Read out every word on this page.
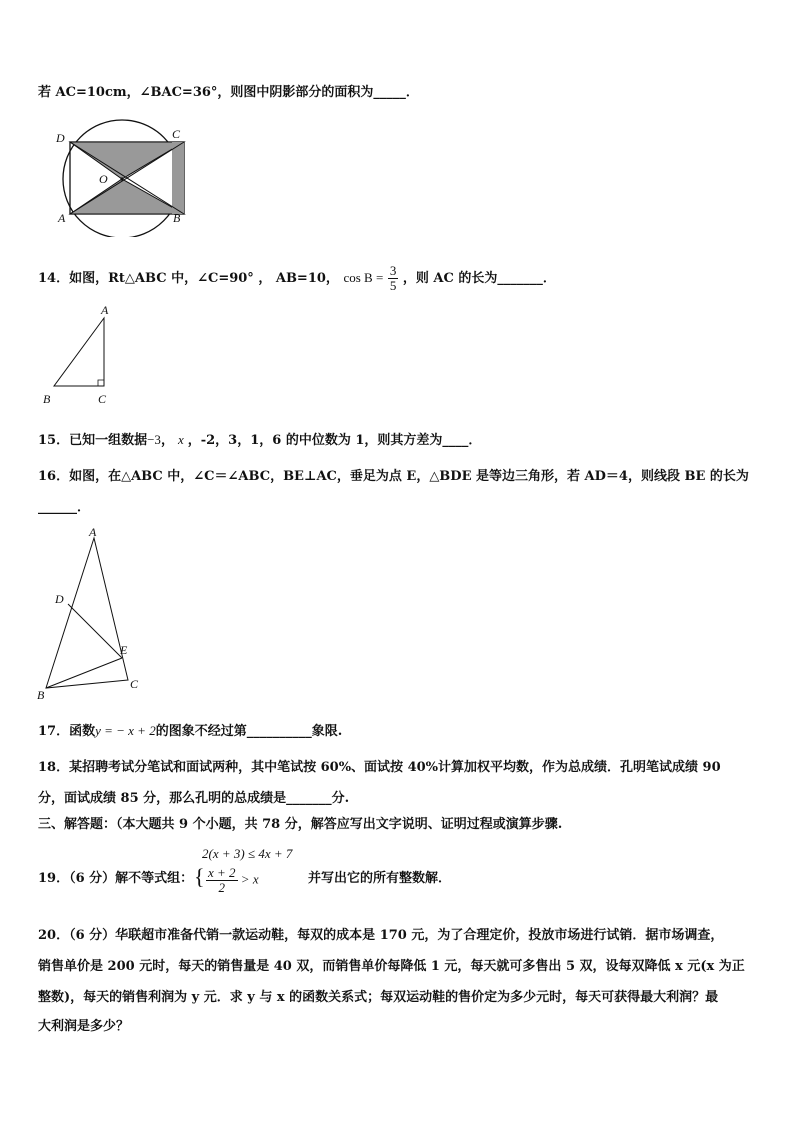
若 AC=10cm，∠BAC=36°，则图中阴影部分的面积为_____．
D	C
O
A	B
14．如图，Rt△ABC 中，∠C=90° ， AB=10， $\cos B = \frac{3}{5}$ ，则 AC 的长为_______．
A
B	C
15．已知一组数据−3， x ，-2，3，1，6 的中位数为 1，则其方差为____．
16．如图，在△ABC 中，∠C＝∠ABC，BE⊥AC，垂足为点 E，△BDE 是等边三角形，若 AD＝4，则线段 BE 的长为
______．
A
D
E
B
C
17．函数y = − x + 2的图象不经过第__________象限.
18．某招聘考试分笔试和面试两种，其中笔试按 60%、面试按 40%计算加权平均数，作为总成绩．孔明笔试成绩 90
分，面试成绩 85 分，那么孔明的总成绩是_______分.
三、解答题：（本大题共 9 个小题，共 78 分，解答应写出文字说明、证明过程或演算步骤.
2(x + 3) ≤ 4x + 7
{ $\frac{x + 2}{2} > x$
19．（6 分）解不等式组：	并写出它的所有整数解．
20．（6 分）华联超市准备代销一款运动鞋，每双的成本是 170 元，为了合理定价，投放市场进行试销．据市场调查，
销售单价是 200 元时，每天的销售量是 40 双，而销售单价每降低 1 元，每天就可多售出 5 双，设每双降低 x 元(x 为正
整数)，每天的销售利润为 y 元．求 y 与 x 的函数关系式；每双运动鞋的售价定为多少元时，每天可获得最大利润？最
大利润是多少？
